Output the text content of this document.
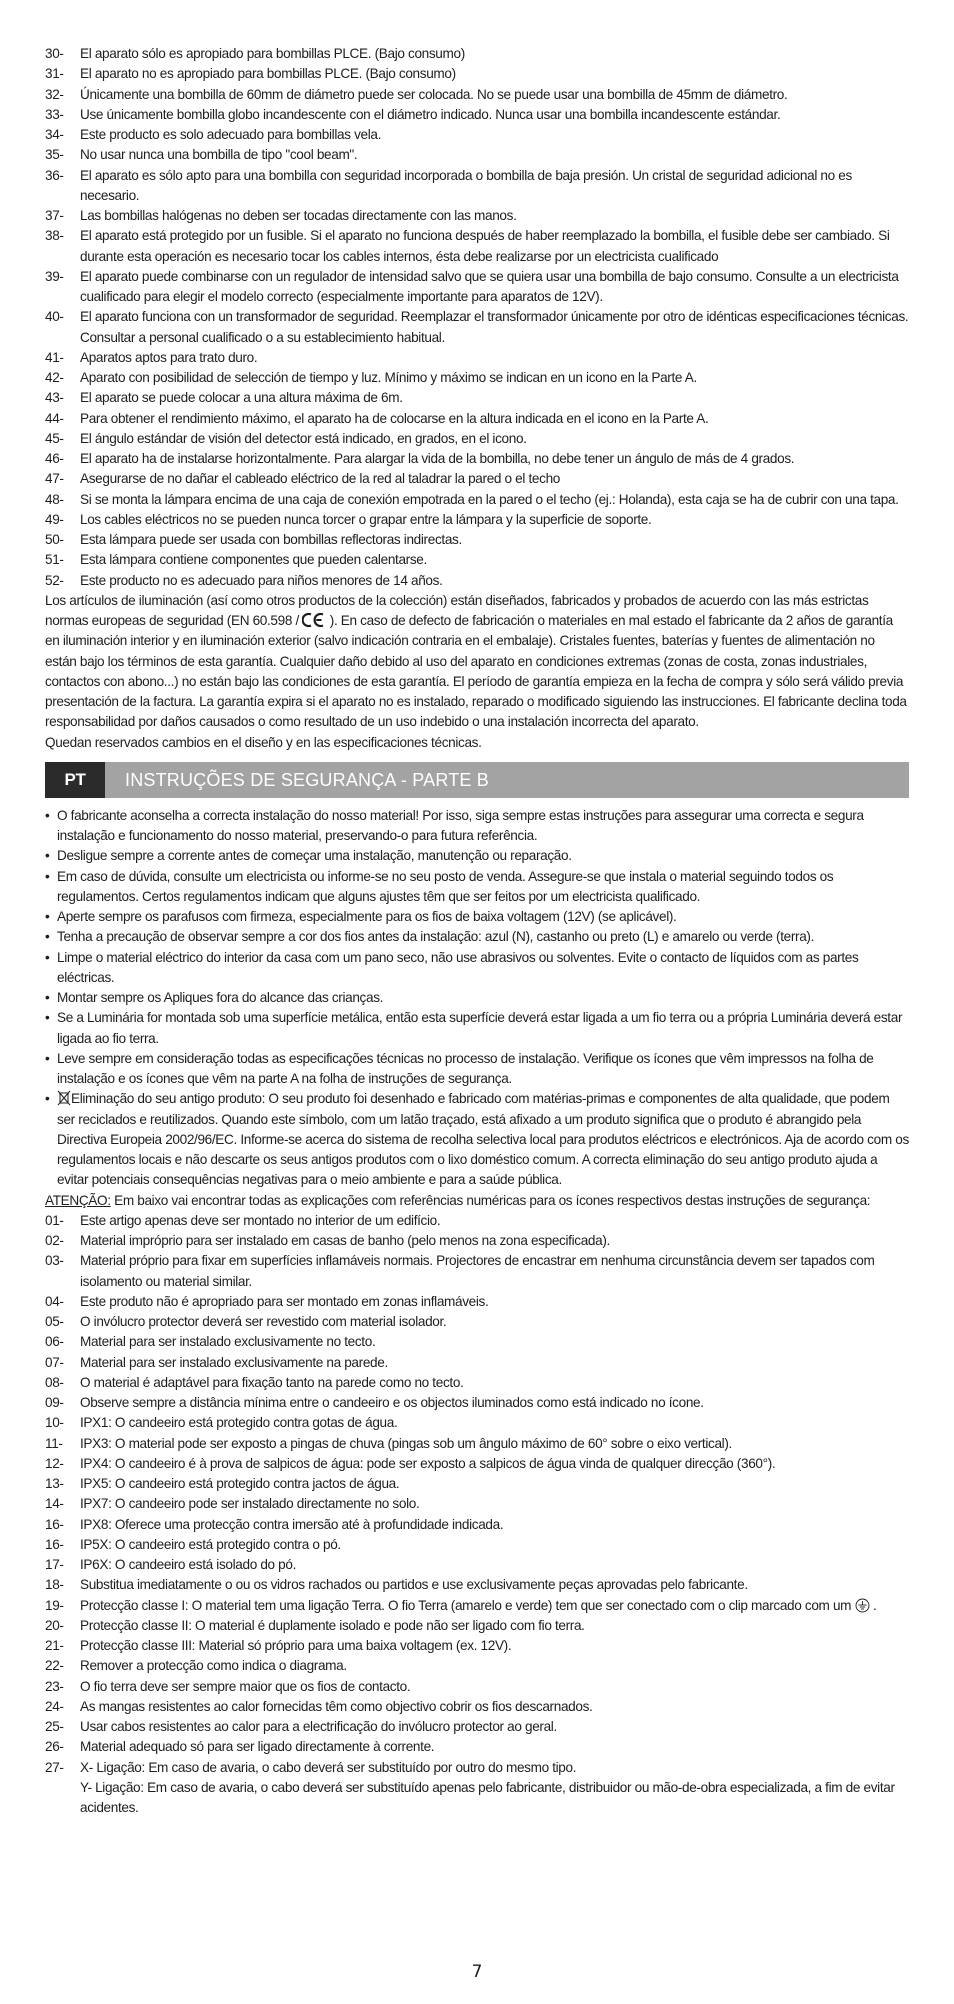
30-	El aparato sólo es apropiado para bombillas PLCE. (Bajo consumo)
31-	El aparato no es apropiado para bombillas PLCE. (Bajo consumo)
32-	Únicamente una bombilla de 60mm de diámetro puede ser colocada. No se puede usar una bombilla de 45mm de diámetro.
33-	Use únicamente bombilla globo incandescente con el diámetro indicado. Nunca usar una bombilla incandescente estándar.
34-	Este producto es solo adecuado para bombillas vela.
35-	No usar nunca una bombilla de tipo "cool beam".
36-	El aparato es sólo apto para una bombilla con seguridad incorporada o bombilla de baja presión. Un cristal de seguridad adicional no es necesario.
37-	Las bombillas halógenas no deben ser tocadas directamente con las manos.
38-	El aparato está protegido por un fusible. Si el aparato no funciona después de haber reemplazado la bombilla, el fusible debe ser cambiado. Si durante esta operación es necesario tocar los cables internos, ésta debe realizarse por un electricista cualificado
39-	El aparato puede combinarse con un regulador de intensidad salvo que se quiera usar una bombilla de bajo consumo. Consulte a un electricista cualificado para elegir el modelo correcto (especialmente importante para aparatos de 12V).
40-	El aparato funciona con un transformador de seguridad. Reemplazar el transformador únicamente por otro de idénticas especificaciones técnicas. Consultar a personal cualificado o a su establecimiento habitual.
41-	Aparatos aptos para trato duro.
42-	Aparato con posibilidad de selección de tiempo y luz. Mínimo y máximo se indican en un icono en la Parte A.
43-	El aparato se puede colocar a una altura máxima de 6m.
44-	Para obtener el rendimiento máximo, el aparato ha de colocarse en la altura indicada en el icono en la Parte A.
45-	El ángulo estándar de visión del detector está indicado, en grados, en el icono.
46-	El aparato ha de instalarse horizontalmente. Para alargar la vida de la bombilla, no debe tener un ángulo de más de 4 grados.
47-	Asegurarse de no dañar el cableado eléctrico de la red al taladrar la pared o el techo
48-	Si se monta la lámpara encima de una caja de conexión empotrada en la pared o el techo (ej.: Holanda), esta caja se ha de cubrir con una tapa.
49-	Los cables eléctricos no se pueden nunca torcer o grapar entre la lámpara y la superficie de soporte.
50-	Esta lámpara puede ser usada con bombillas reflectoras indirectas.
51-	Esta lámpara contiene componentes que pueden calentarse.
52-	Este producto no es adecuado para niños menores de 14 años.

Los artículos de iluminación (así como otros productos de la colección) están diseñados, fabricados y probados de acuerdo con las más estrictas normas europeas de seguridad (EN 60.598 /  ). En caso de defecto de fabricación o materiales en mal estado el fabricante da 2 años de garantía en iluminación interior y en iluminación exterior (salvo indicación contraria en el embalaje). Cristales fuentes, baterías y fuentes de alimentación no están bajo los términos de esta garantía. Cualquier daño debido al uso del aparato en condiciones extremas (zonas de costa, zonas industriales, contactos con abono...) no están bajo las condiciones de esta garantía. El período de garantía empieza en la fecha de compra y sólo será válido previa presentación de la factura. La garantía expira si el aparato no es instalado, reparado o modificado siguiendo las instrucciones. El fabricante declina toda responsabilidad por daños causados o como resultado de un uso indebido o una instalación incorrecta del aparato.

Quedan reservados cambios en el diseño y en las especificaciones técnicas.

PT	INSTRUÇÕES DE SEGURANÇA - PARTE B
• O fabricante aconselha a correcta instalação do nosso material! Por isso, siga sempre estas instruções para assegurar uma correcta e segura instalação e funcionamento do nosso material, preservando-o para futura referência.
• Desligue sempre a corrente antes de começar uma instalação, manutenção ou reparação.
• Em caso de dúvida, consulte um electricista ou informe-se no seu posto de venda. Assegure-se que instala o material seguindo todos os regulamentos. Certos regulamentos indicam que alguns ajustes têm que ser feitos por um electricista qualificado.
• Aperte sempre os parafusos com firmeza, especialmente para os fios de baixa voltagem (12V) (se aplicável).
• Tenha a precaução de observar sempre a cor dos fios antes da instalação: azul (N), castanho ou preto (L) e amarelo ou verde (terra).
• Limpe o material eléctrico do interior da casa com um pano seco, não use abrasivos ou solventes. Evite o contacto de líquidos com as partes eléctricas.
• Montar sempre os Apliques fora do alcance das crianças.
• Se a Luminária for montada sob uma superfície metálica, então esta superfície deverá estar ligada a um fio terra ou a própria Luminária deverá estar ligada ao fio terra.
• Leve sempre em consideração todas as especificações técnicas no processo de instalação. Verifique os ícones que vêm impressos na folha de instalação e os ícones que vêm na parte A na folha de instruções de segurança.
•	Eliminação do seu antigo produto: O seu produto foi desenhado e fabricado com matérias-primas e componentes de alta qualidade, que podem ser reciclados e reutilizados. Quando este símbolo, com um latão traçado, está afixado a um produto significa que o produto é abrangido pela Directiva Europeia 2002/96/EC. Informe-se acerca do sistema de recolha selectiva local para produtos eléctricos e electrónicos. Aja de acordo com os regulamentos locais e não descarte os seus antigos produtos com o lixo doméstico comum. A correcta eliminação do seu antigo produto ajuda a evitar potenciais consequências negativas para o meio ambiente e para a saúde pública.

ATENÇÃO: Em baixo vai encontrar todas as explicações com referências numéricas para os ícones respectivos destas instruções de segurança:

01-	Este artigo apenas deve ser montado no interior de um edifício.
02-	Material impróprio para ser instalado em casas de banho (pelo menos na zona especificada).
03-	Material próprio para fixar em superfícies inflamáveis normais. Projectores de encastrar em nenhuma circunstância devem ser tapados com isolamento ou material similar.
04-	Este produto não é apropriado para ser montado em zonas inflamáveis.
05-	O invólucro protector deverá ser revestido com material isolador.
06-	Material para ser instalado exclusivamente no tecto.
07-	Material para ser instalado exclusivamente na parede.
08-	O material é adaptável para fixação tanto na parede como no tecto.
09-	Observe sempre a distância mínima entre o candeeiro e os objectos iluminados como está indicado no ícone.
10-	IPX1: O candeeiro está protegido contra gotas de água.
11-	IPX3: O material pode ser exposto a pingas de chuva (pingas sob um ângulo máximo de 60° sobre o eixo vertical).
12-	IPX4: O candeeiro é à prova de salpicos de água: pode ser exposto a salpicos de água vinda de qualquer direcção (360°).
13-	IPX5: O candeeiro está protegido contra jactos de água.
14-	IPX7: O candeeiro pode ser instalado directamente no solo.
16-	IPX8: Oferece uma protecção contra imersão até à profundidade indicada.
16-	IP5X: O candeeiro está protegido contra o pó.
17-	IP6X: O candeeiro está isolado do pó.
18-	Substitua imediatamente o ou os vidros rachados ou partidos e use exclusivamente peças aprovadas pelo fabricante.
19-	Protecção classe I: O material tem uma ligação Terra. O fio Terra (amarelo e verde) tem que ser conectado com o clip marcado com um  .
20-	Protecção classe II: O material é duplamente isolado e pode não ser ligado com fio terra.
21-	Protecção classe III: Material só próprio para uma baixa voltagem (ex. 12V).
22-	Remover a protecção como indica o diagrama.
23-	O fio terra deve ser sempre maior que os fios de contacto.
24-	As mangas resistentes ao calor fornecidas têm como objectivo cobrir os fios descarnados.
25-	Usar cabos resistentes ao calor para a electrificação do invólucro protector ao geral.
26-	Material adequado só para ser ligado directamente à corrente.
27-	X- Ligação: Em caso de avaria, o cabo deverá ser substituído por outro do mesmo tipo.
Y- Ligação: Em caso de avaria, o cabo deverá ser substituído apenas pelo fabricante, distribuidor ou mão-de-obra especializada, a fim de evitar acidentes.
7
